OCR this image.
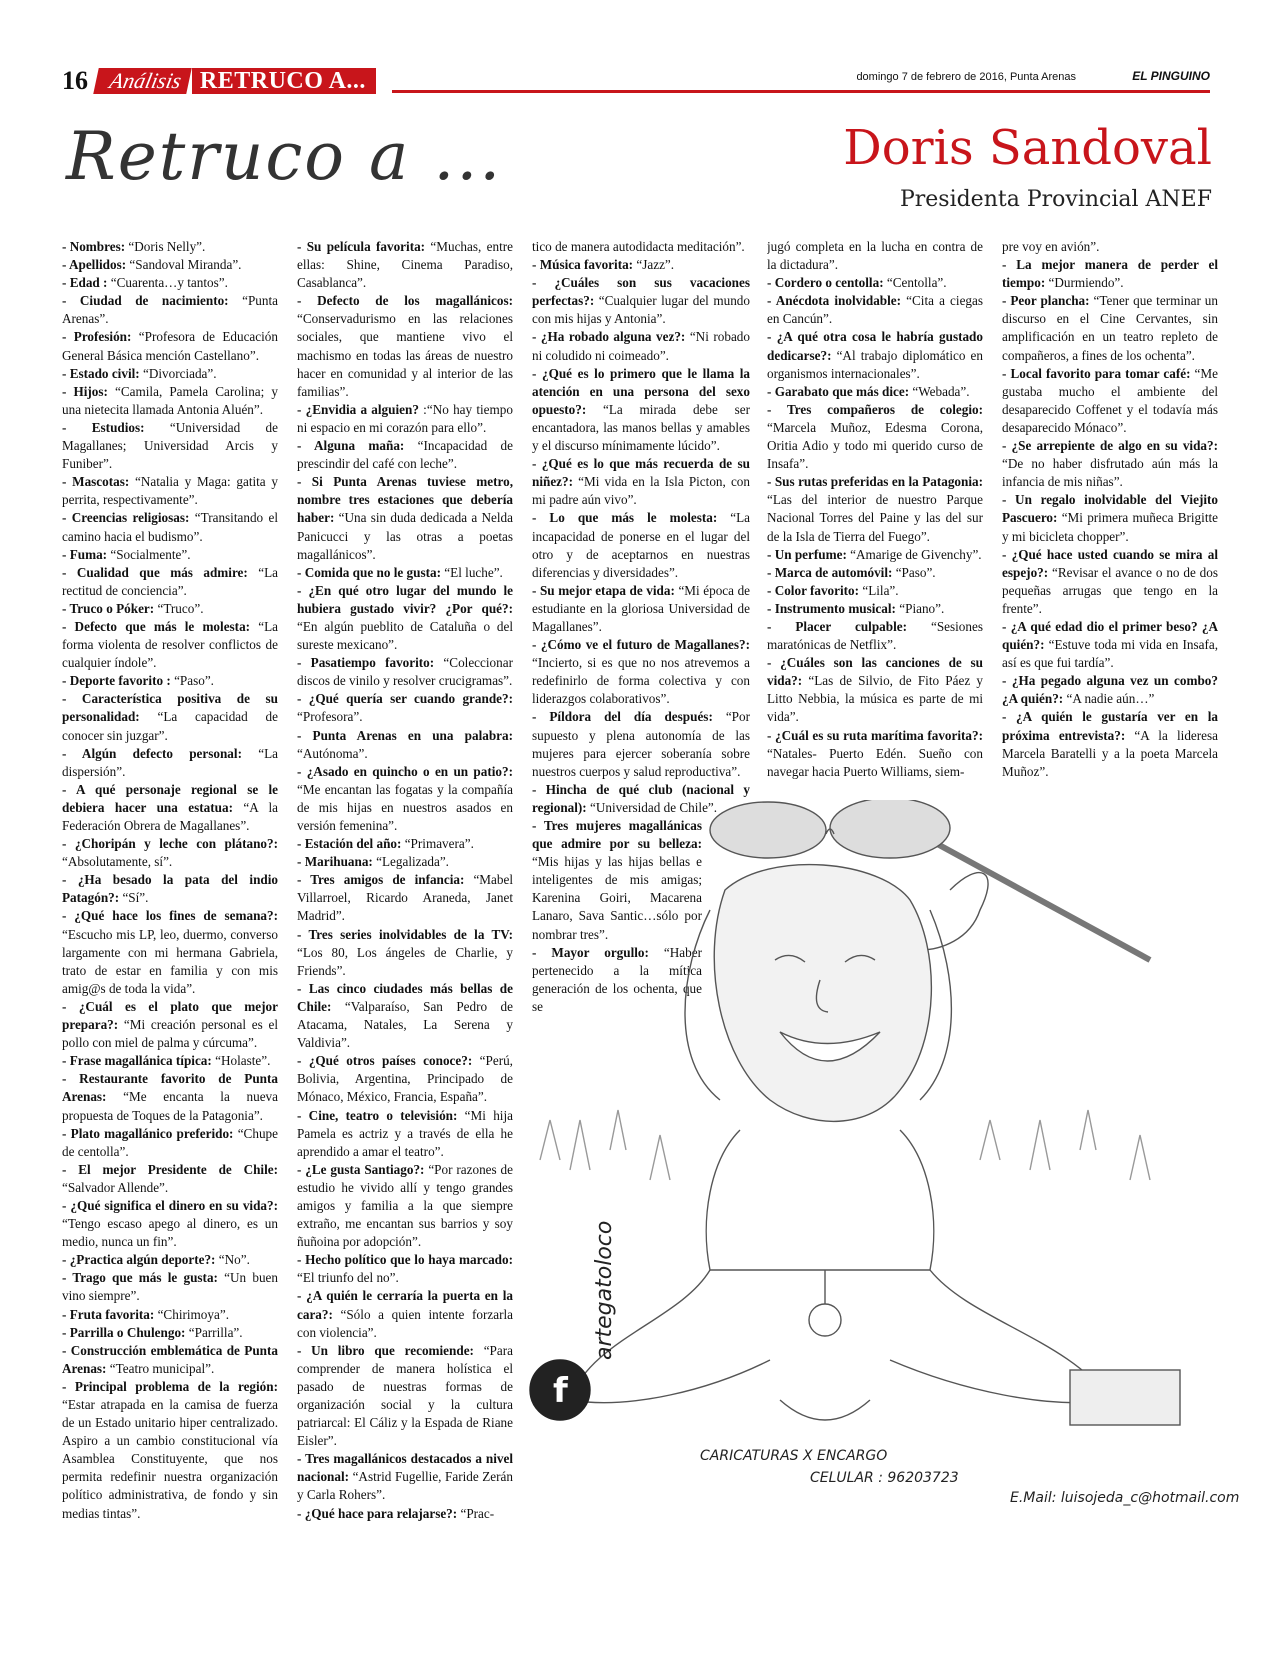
16 Análisis RETRUCO A...	domingo 7 de febrero de 2016, Punta Arenas	EL PINGUINO
Retruco a ...	Doris Sandoval
Presidenta Provincial ANEF

- Nombres: “Doris Nelly”.

- Apellidos: “Sandoval Miranda”.

- Edad : “Cuarenta…y tantos”.

- Ciudad de nacimiento: “Punta Arenas”.

- Profesión: “Profesora de Educación General Básica mención Castellano”.

- Estado civil: “Divorciada”.

- Hijos: “Camila, Pamela Carolina; y una nietecita llamada Antonia Aluén”.

- Estudios: “Universidad de Magallanes; Universidad Arcis y Funiber”.

- Mascotas: “Natalia y Maga: gatita y perrita, respectivamente”.

- Creencias religiosas: “Transitando el camino hacia el budismo”.

- Fuma: “Socialmente”.

- Cualidad que más admire: “La rectitud de conciencia”.

- Truco o Póker: “Truco”.

- Defecto que más le molesta: “La forma violenta de resolver conflictos de cualquier índole”.

- Deporte favorito : “Paso”.

- Característica positiva de su personalidad: “La capacidad de conocer sin juzgar”.

- Algún defecto personal: “La dispersión”.

- A qué personaje regional se le debiera hacer una estatua: “A la Federación Obrera de Magallanes”.

- ¿Choripán y leche con plátano?: “Absolutamente, sí”.

- ¿Ha besado la pata del indio Patagón?: “Sí”.

- ¿Qué hace los fines de semana?: “Escucho mis LP, leo, duermo, converso largamente con mi hermana Gabriela, trato de estar en familia y con mis amig@s de toda la vida”.

- ¿Cuál es el plato que mejor prepara?: “Mi creación personal es el pollo con miel de palma y cúrcuma”.

- Frase magallánica típica: “Holaste”.

- Restaurante favorito de Punta Arenas: “Me encanta la nueva propuesta de Toques de la Patagonia”.

- Plato magallánico preferido: “Chupe de centolla”.

- El mejor Presidente de Chile: “Salvador Allende”.

- ¿Qué significa el dinero en su vida?: “Tengo escaso apego al dinero, es un medio, nunca un fin”.

- ¿Practica algún deporte?: “No”.

- Trago que más le gusta: “Un buen vino siempre”.

- Fruta favorita: “Chirimoya”.

- Parrilla o Chulengo: “Parrilla”.

- Construcción emblemática de Punta Arenas: “Teatro municipal”.

- Principal problema de la región: “Estar atrapada en la camisa de fuerza de un Estado unitario hiper centralizado. Aspiro a un cambio constitucional vía Asamblea Constituyente, que nos permita redefinir nuestra organización político administrativa, de fondo y sin medias tintas”.

- Su película favorita: “Muchas, entre ellas: Shine, Cinema Paradiso, Casablanca”.

- Defecto de los magallánicos: “Conservadurismo en las relaciones sociales, que mantiene vivo el machismo en todas las áreas de nuestro hacer en comunidad y al interior de las familias”.

- ¿Envidia a alguien? :“No hay tiempo ni espacio en mi corazón para ello”.

- Alguna maña: “Incapacidad de prescindir del café con leche”.

- Si Punta Arenas tuviese metro, nombre tres estaciones que debería haber: “Una sin duda dedicada a Nelda Panicucci y las otras a poetas magallánicos”.

- Comida que no le gusta: “El luche”.

- ¿En qué otro lugar del mundo le hubiera gustado vivir? ¿Por qué?: “En algún pueblito de Cataluña o del sureste mexicano”.

- Pasatiempo favorito: “Coleccionar discos de vinilo y resolver crucigramas”.

- ¿Qué quería ser cuando grande?: “Profesora”.

- Punta Arenas en una palabra: “Autónoma”.

- ¿Asado en quincho o en un patio?: “Me encantan las fogatas y la compañía de mis hijas en nuestros asados en versión femenina”.

- Estación del año: “Primavera”.

- Marihuana: “Legalizada”.

- Tres amigos de infancia: “Mabel Villarroel, Ricardo Araneda, Janet Madrid”.

- Tres series inolvidables de la TV: “Los 80, Los ángeles de Charlie, y Friends”.

- Las cinco ciudades más bellas de Chile: “Valparaíso, San Pedro de Atacama, Natales, La Serena y Valdivia”.

- ¿Qué otros países conoce?: “Perú, Bolivia, Argentina, Principado de Mónaco, México, Francia, España”.

- Cine, teatro o televisión: “Mi hija Pamela es actriz y a través de ella he aprendido a amar el teatro”.

- ¿Le gusta Santiago?: “Por razones de estudio he vivido allí y tengo grandes amigos y familia a la que siempre extraño, me encantan sus barrios y soy ñuñoina por adopción”.

- Hecho político que lo haya marcado: “El triunfo del no”.

- ¿A quién le cerraría la puerta en la cara?: “Sólo a quien intente forzarla con violencia”.

- Un libro que recomiende: “Para comprender de manera holística el pasado de nuestras formas de organización social y la cultura patriarcal: El Cáliz y la Espada de Riane Eisler”.

- Tres magallánicos destacados a nivel nacional: “Astrid Fugellie, Faride Zerán y Carla Rohers”.

- ¿Qué hace para relajarse?: “Prac-

tico de manera autodidacta meditación”.

- Música favorita: “Jazz”.

- ¿Cuáles son sus vacaciones perfectas?: “Cualquier lugar del mundo con mis hijas y Antonia”.

- ¿Ha robado alguna vez?: “Ni robado ni coludido ni coimeado”.

- ¿Qué es lo primero que le llama la atención en una persona del sexo opuesto?: “La mirada debe ser encantadora, las manos bellas y amables y el discurso mínimamente lúcido”.

- ¿Qué es lo que más recuerda de su niñez?: “Mi vida en la Isla Picton, con mi padre aún vivo”.

- Lo que más le molesta: “La incapacidad de ponerse en el lugar del otro y de aceptarnos en nuestras diferencias y diversidades”.

- Su mejor etapa de vida: “Mi época de estudiante en la gloriosa Universidad de Magallanes”.

- ¿Cómo ve el futuro de Magallanes?: “Incierto, si es que no nos atrevemos a redefinirlo de forma colectiva y con liderazgos colaborativos”.

- Píldora del día después: “Por supuesto y plena autonomía de las mujeres para ejercer soberanía sobre nuestros cuerpos y salud reproductiva”.

- Hincha de qué club (nacional y regional): “Universidad de Chile”.

- Tres mujeres magallánicas que admire por su belleza: “Mis hijas y las hijas bellas e inteligentes de mis amigas; Karenina Goiri, Macarena Lanaro, Sava Santic…sólo por nombrar tres”.

- Mayor orgullo: “Haber pertenecido a la mítica generación de los ochenta, que se

jugó completa en la lucha en contra de la dictadura”.

- Cordero o centolla: “Centolla”.

- Anécdota inolvidable: “Cita a ciegas en Cancún”.

- ¿A qué otra cosa le habría gustado dedicarse?: “Al trabajo diplomático en organismos internacionales”.

- Garabato que más dice: “Webada”.

- Tres compañeros de colegio: “Marcela Muñoz, Edesma Corona, Oritia Adio y todo mi querido curso de Insafa”.

- Sus rutas preferidas en la Patagonia: “Las del interior de nuestro Parque Nacional Torres del Paine y las del sur de la Isla de Tierra del Fuego”.

- Un perfume: “Amarige de Givenchy”.

- Marca de automóvil: “Paso”.

- Color favorito: “Lila”.

- Instrumento musical: “Piano”.

- Placer culpable: “Sesiones maratónicas de Netflix”.

- ¿Cuáles son las canciones de su vida?: “Las de Silvio, de Fito Páez y Litto Nebbia, la música es parte de mi vida”.

- ¿Cuál es su ruta marítima favorita?: “Natales- Puerto Edén. Sueño con navegar hacia Puerto Williams, siem-

pre voy en avión”.

- La mejor manera de perder el tiempo: “Durmiendo”.

- Peor plancha: “Tener que terminar un discurso en el Cine Cervantes, sin amplificación en un teatro repleto de compañeros, a fines de los ochenta”.

- Local favorito para tomar café: “Me gustaba mucho el ambiente del desaparecido Coffenet y el todavía más desaparecido Mónaco”.

- ¿Se arrepiente de algo en su vida?: “De no haber disfrutado aún más la infancia de mis niñas”.

- Un regalo inolvidable del Viejito Pascuero: “Mi primera muñeca Brigitte y mi bicicleta chopper”.

- ¿Qué hace usted cuando se mira al espejo?: “Revisar el avance o no de dos pequeñas arrugas que tengo en la frente”.

- ¿A qué edad dio el primer beso? ¿A quién?: “Estuve toda mi vida en Insafa, así es que fui tardía”.

- ¿Ha pegado alguna vez un combo? ¿A quién?: “A nadie aún…”

- ¿A quién le gustaría ver en la próxima entrevista?: “A la lideresa Marcela Baratelli y a la poeta Marcela Muñoz”.

f
artegatoloco
CARICATURAS X ENCARGO
CELULAR : 96203723
E.Mail: luisojeda_c@hotmail.com
